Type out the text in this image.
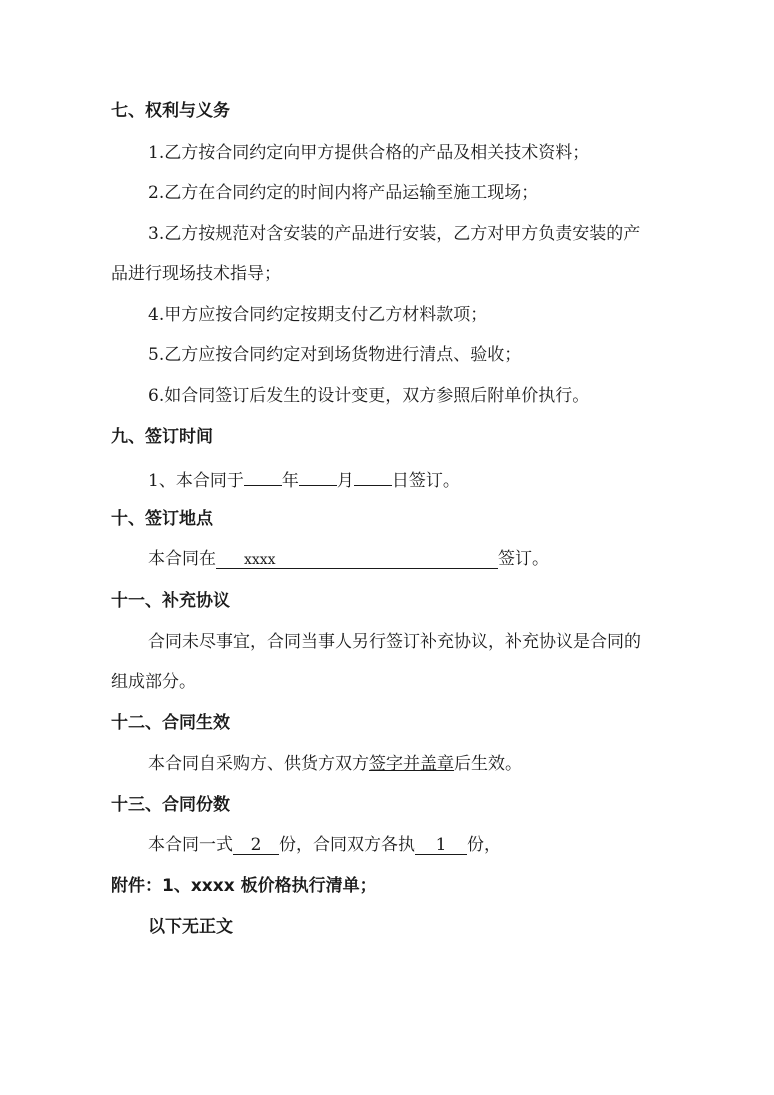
七、权利与义务
1.乙方按合同约定向甲方提供合格的产品及相关技术资料；
2.乙方在合同约定的时间内将产品运输至施工现场；
3.乙方按规范对含安装的产品进行安装，乙方对甲方负责安装的产
品进行现场技术指导；
4.甲方应按合同约定按期支付乙方材料款项；
5.乙方应按合同约定对到场货物进行清点、验收；
6.如合同签订后发生的设计变更，双方参照后附单价执行。
九、签订时间
1、本合同于 年 月 日签订。
十、签订地点
本合同在 xxxx	签订。
十一、补充协议
合同未尽事宜，合同当事人另行签订补充协议，补充协议是合同的
组成部分。
十二、合同生效
本合同自采购方、供货方双方签字并盖章后生效。
十三、合同份数
本合同一式 2 份，合同双方各执 1 份，
附件：1、xxxx 板价格执行清单；
以下无正文
